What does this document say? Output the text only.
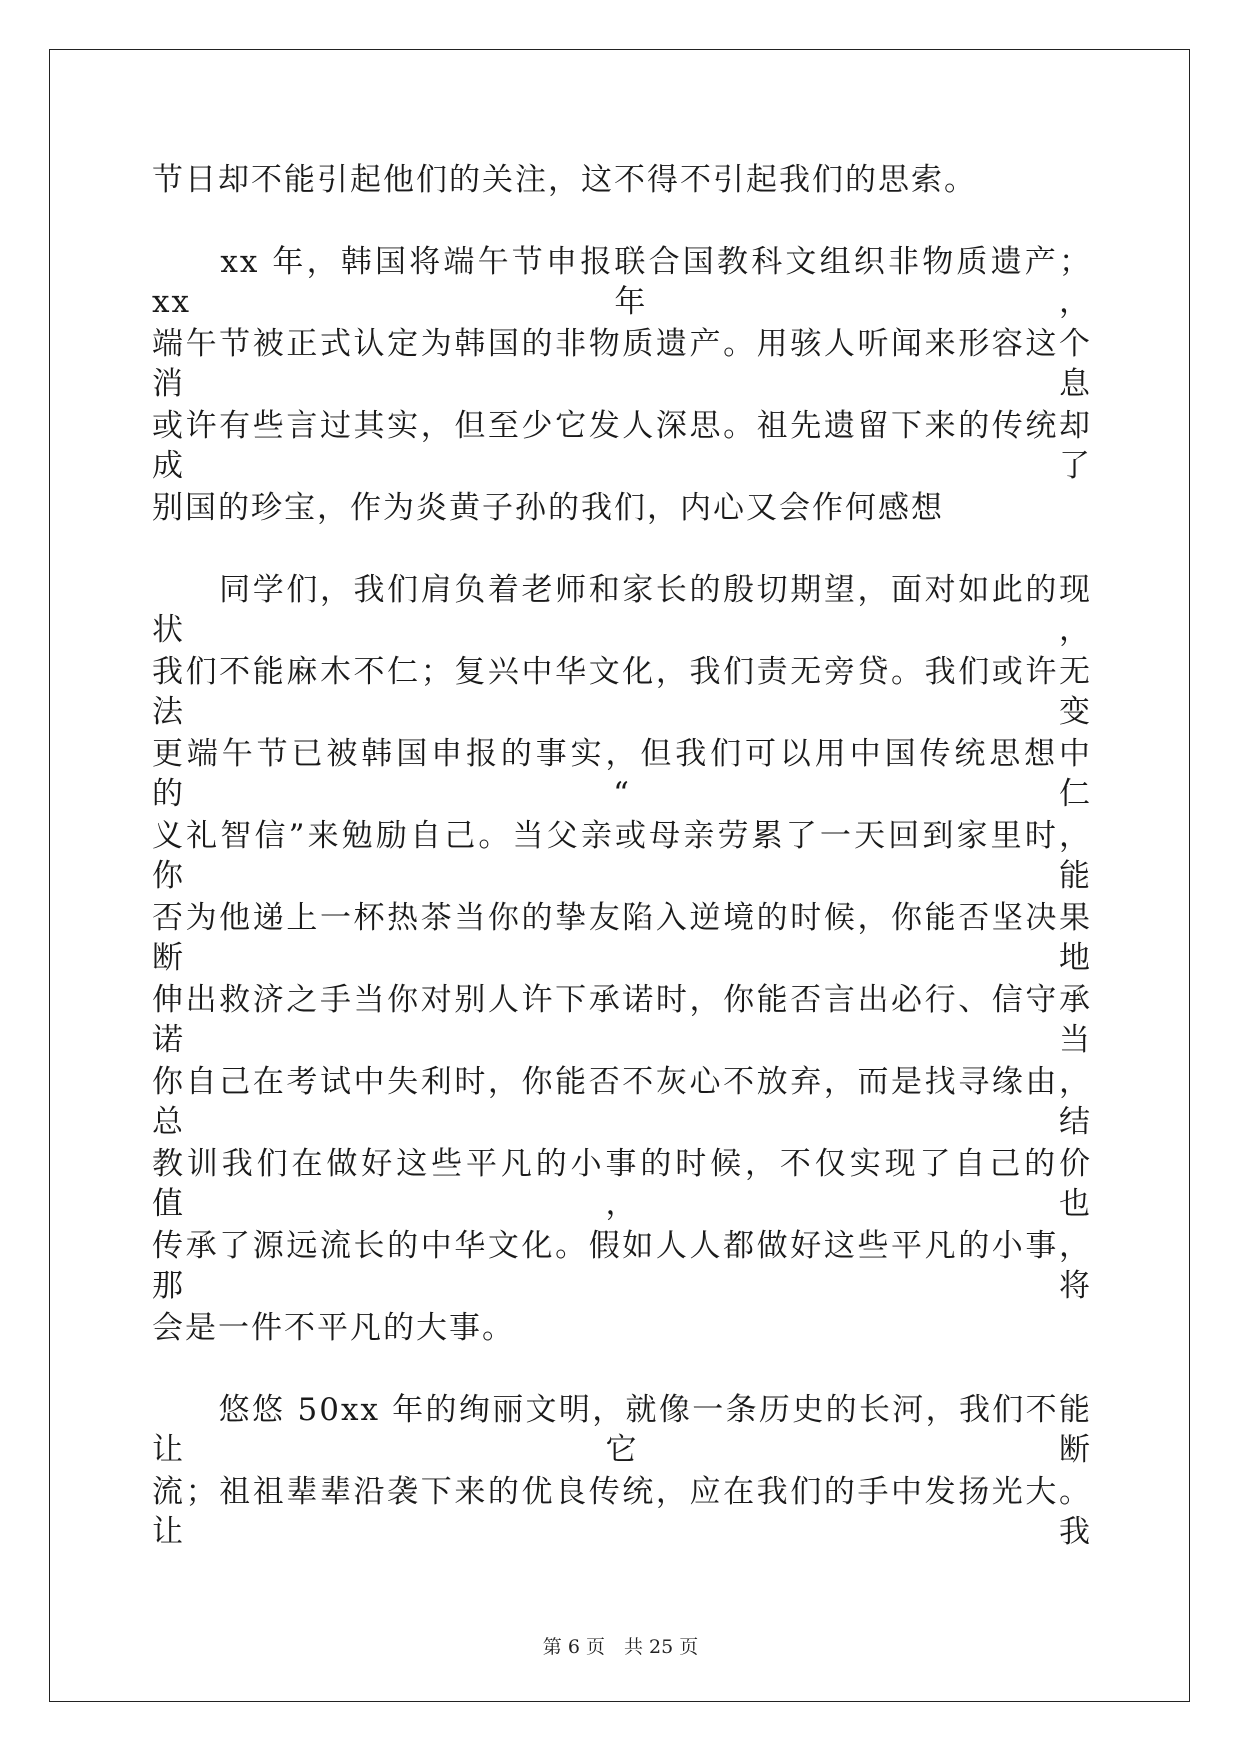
节日却不能引起他们的关注，这不得不引起我们的思索。
　　xx 年，韩国将端午节申报联合国教科文组织非物质遗产；xx 年，
端午节被正式认定为韩国的非物质遗产。用骇人听闻来形容这个消息
或许有些言过其实，但至少它发人深思。祖先遗留下来的传统却成了
别国的珍宝，作为炎黄子孙的我们，内心又会作何感想
　　同学们，我们肩负着老师和家长的殷切期望，面对如此的现状，
我们不能麻木不仁；复兴中华文化，我们责无旁贷。我们或许无法变
更端午节已被韩国申报的事实，但我们可以用中国传统思想中的“仁
义礼智信”来勉励自己。当父亲或母亲劳累了一天回到家里时，你能
否为他递上一杯热茶当你的挚友陷入逆境的时候，你能否坚决果断地
伸出救济之手当你对别人许下承诺时，你能否言出必行、信守承诺当
你自己在考试中失利时，你能否不灰心不放弃，而是找寻缘由，总结
教训我们在做好这些平凡的小事的时候，不仅实现了自己的价值，也
传承了源远流长的中华文化。假如人人都做好这些平凡的小事，那将
会是一件不平凡的大事。
　　悠悠 50xx 年的绚丽文明，就像一条历史的长河，我们不能让它断
流；祖祖辈辈沿袭下来的优良传统，应在我们的手中发扬光大。让我
第 6 页　共 25 页
